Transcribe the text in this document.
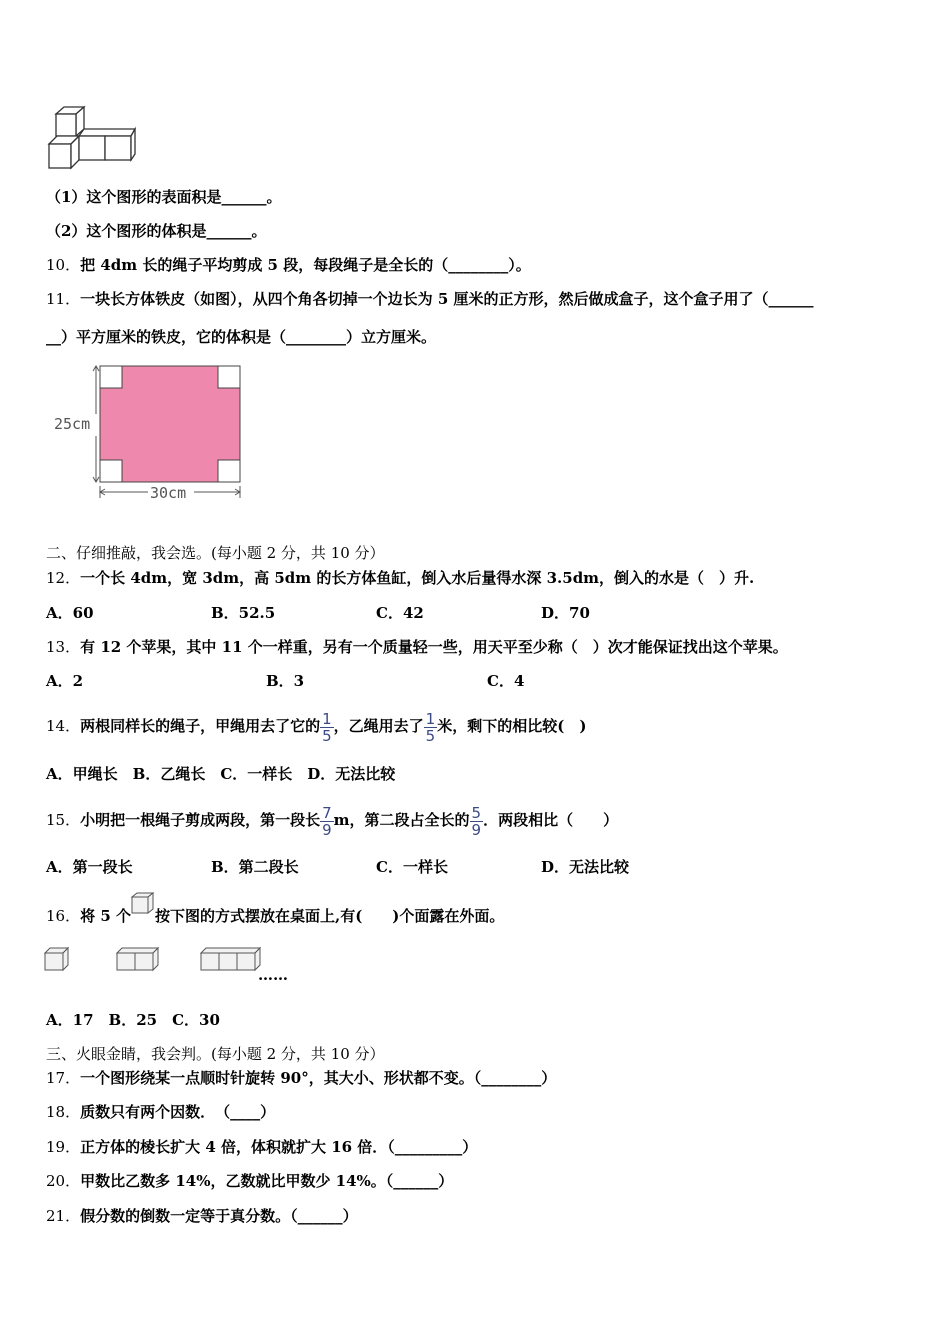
（1）这个图形的表面积是______。
（2）这个图形的体积是______。
10．把 4dm 长的绳子平均剪成 5 段，每段绳子是全长的（________）。
11．一块长方体铁皮（如图），从四个角各切掉一个边长为 5 厘米的正方形，然后做成盒子，这个盒子用了（______
__）平方厘米的铁皮，它的体积是（________）立方厘米。
25cm
30cm
二、仔细推敲，我会选。(每小题 2 分，共 10 分）
12．一个长 4dm，宽 3dm，高 5dm 的长方体鱼缸，倒入水后量得水深 3.5dm，倒入的水是（　）升.
A．60	B．52.5	C．42	D．70
13．有 12 个苹果，其中 11 个一样重，另有一个质量轻一些，用天平至少称（　）次才能保证找出这个苹果。
A．2	B．3	C．4
14．两根同样长的绳子，甲绳用去了它的 $\frac{1}{5}$ ，乙绳用去了 $\frac{1}{5}$ 米，剩下的相比较(　)
A．甲绳长　B．乙绳长　C．一样长　D．无法比较
15．小明把一根绳子剪成两段，第一段长 $\frac{7}{9}$ m，第二段占全长的 $\frac{5}{9}$ ．两段相比（　　）
A．第一段长	B．第二段长	C．一样长	D．无法比较
16．将 5 个 按下图的方式摆放在桌面上,有(　　)个面露在外面。
……
A．17　B．25　C．30
三、火眼金睛，我会判。(每小题 2 分，共 10 分）
17．一个图形绕某一点顺时针旋转 90°，其大小、形状都不变。（________）
18．质数只有两个因数．　（____）
19．正方体的棱长扩大 4 倍，体积就扩大 16 倍．（_________）
20．甲数比乙数多 14%，乙数就比甲数少 14%。（______）
21．假分数的倒数一定等于真分数。（______）
